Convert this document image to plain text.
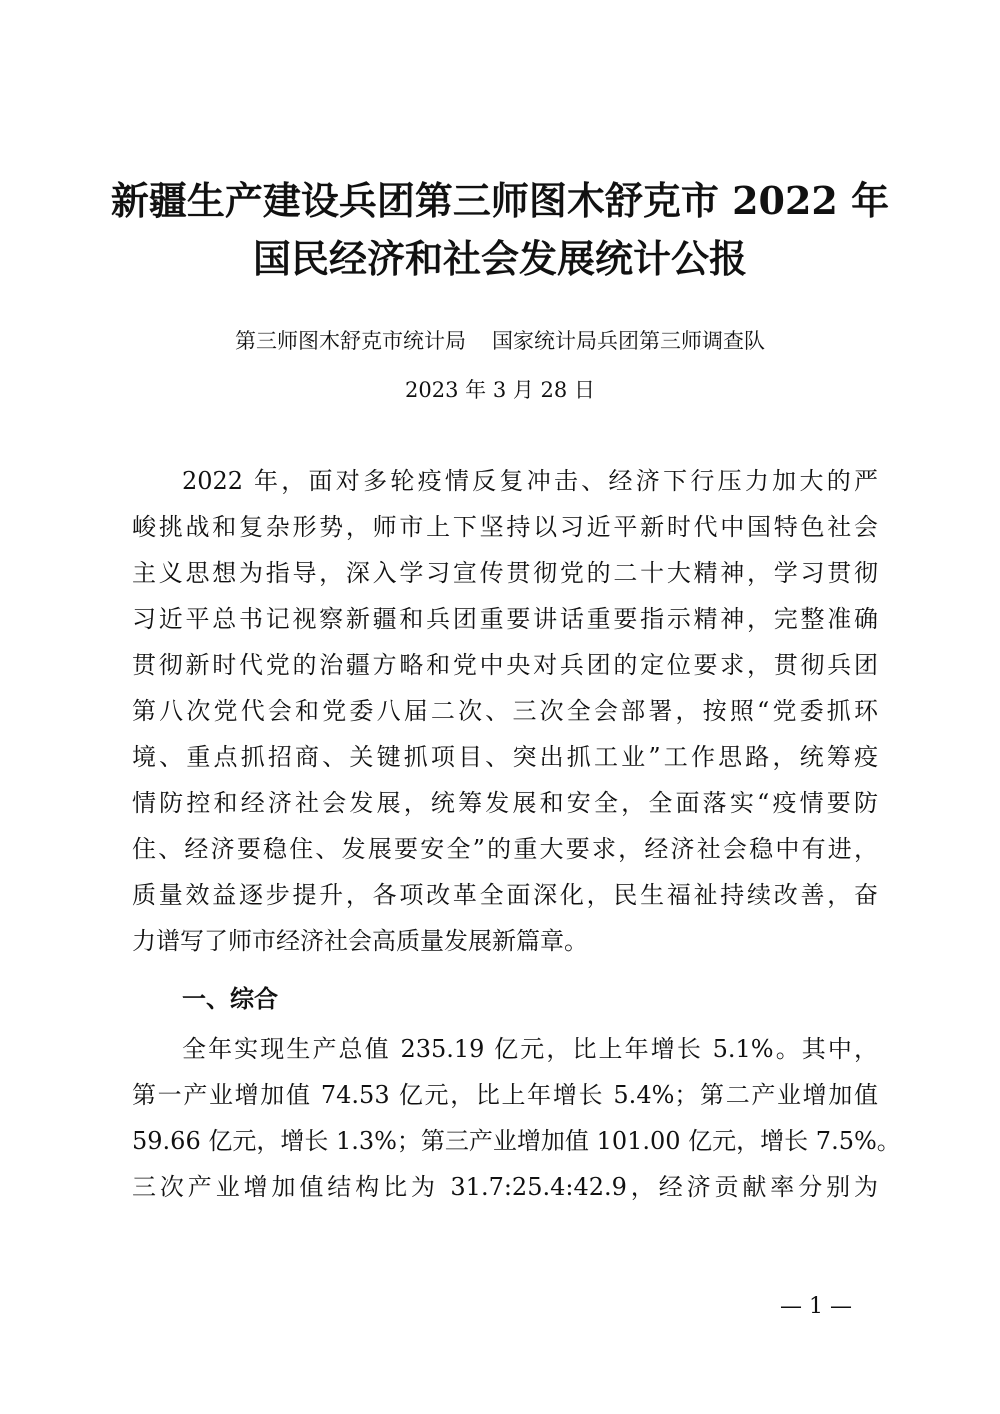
新疆生产建设兵团第三师图木舒克市 2022 年
国民经济和社会发展统计公报
第三师图木舒克市统计局 国家统计局兵团第三师调查队
2023 年 3 月 28 日
2022 年，面对多轮疫情反复冲击、经济下行压力加大的严
峻挑战和复杂形势，师市上下坚持以习近平新时代中国特色社会
主义思想为指导，深入学习宣传贯彻党的二十大精神，学习贯彻
习近平总书记视察新疆和兵团重要讲话重要指示精神，完整准确
贯彻新时代党的治疆方略和党中央对兵团的定位要求，贯彻兵团
第八次党代会和党委八届二次、三次全会部署，按照“党委抓环
境、重点抓招商、关键抓项目、突出抓工业”工作思路，统筹疫
情防控和经济社会发展，统筹发展和安全，全面落实“疫情要防
住、经济要稳住、发展要安全”的重大要求，经济社会稳中有进，
质量效益逐步提升，各项改革全面深化，民生福祉持续改善，奋
力谱写了师市经济社会高质量发展新篇章。
一、综合
全年实现生产总值 235.19 亿元，比上年增长 5.1%。其中，
第一产业增加值 74.53 亿元，比上年增长 5.4%；第二产业增加值
59.66 亿元，增长 1.3%；第三产业增加值 101.00 亿元，增长 7.5%。
三次产业增加值结构比为 31.7:25.4:42.9，经济贡献率分别为
— 1 —
